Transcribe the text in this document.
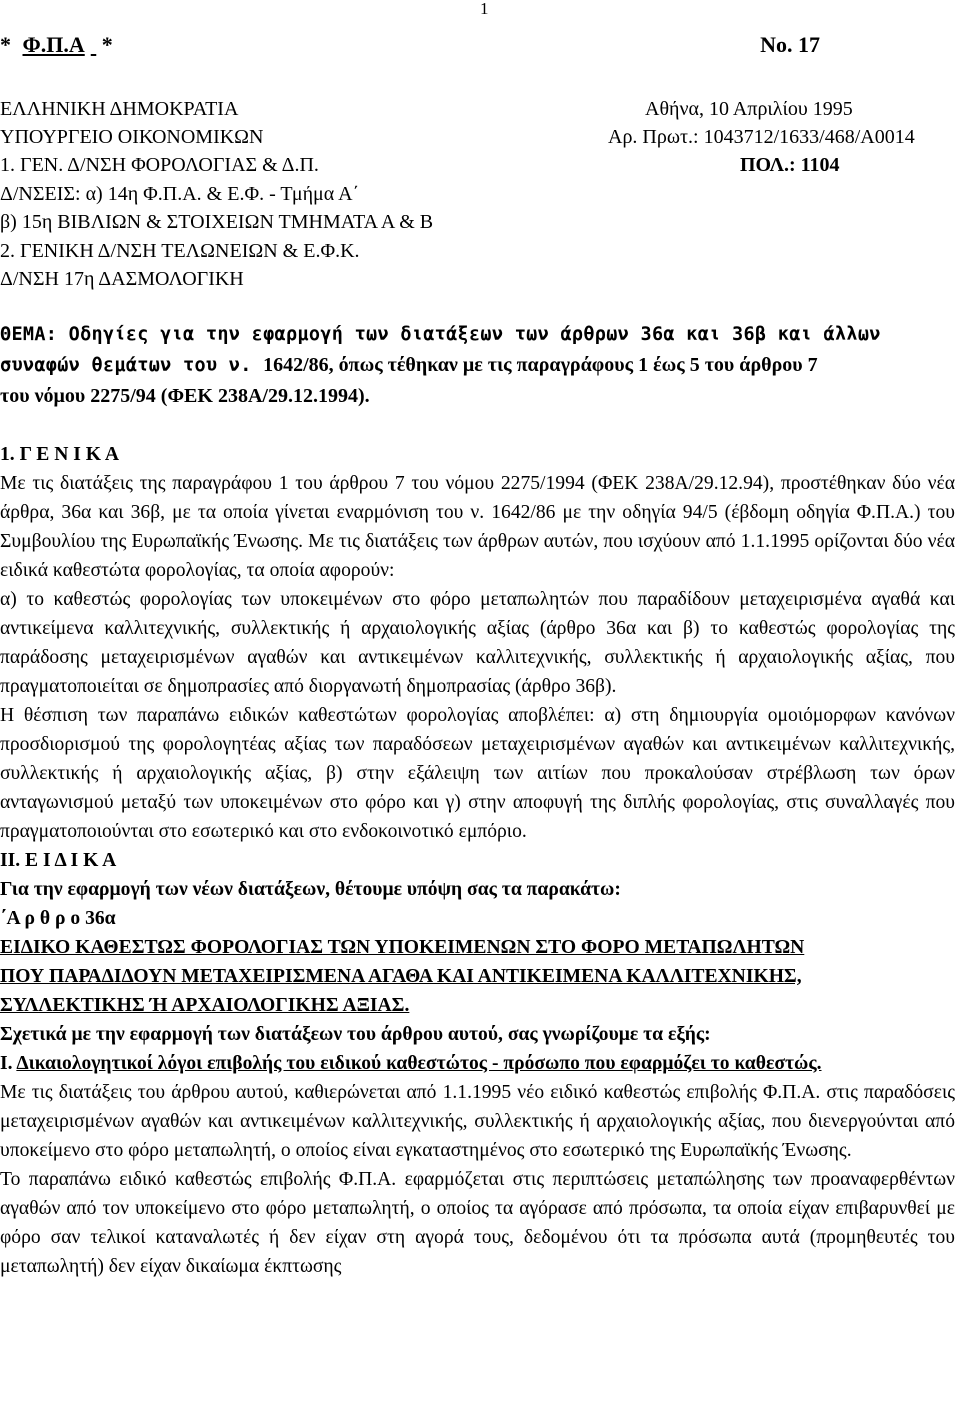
1
* Φ.Π.Α *	No. 17
ΕΛΛΗΝΙΚΗ ΔΗΜΟΚΡΑΤΙΑ
ΥΠΟΥΡΓΕΙΟ ΟΙΚΟΝΟΜΙΚΩΝ
1. ΓΕΝ. Δ/ΝΣΗ ΦΟΡΟΛΟΓΙΑΣ & Δ.Π.
Δ/ΝΣΕΙΣ: α) 14η Φ.Π.Α. & Ε.Φ. - Τμήμα Α΄
β) 15η ΒΙΒΛΙΩΝ & ΣΤΟΙΧΕΙΩΝ ΤΜΗΜΑΤΑ Α & Β
2. ΓΕΝΙΚΗ Δ/ΝΣΗ ΤΕΛΩΝΕΙΩΝ & Ε.Φ.Κ.
Δ/ΝΣΗ 17η ΔΑΣΜΟΛΟΓΙΚΗ
Αθήνα, 10 Απριλίου 1995
Αρ. Πρωτ.: 1043712/1633/468/Α0014
ΠΟΛ.: 1104
ΘΕΜΑ: Οδηγίες για την εφαρμογή των διατάξεων των άρθρων 36α και 36β και άλλων
συναφών θεμάτων του ν. 1642/86, όπως τέθηκαν με τις παραγράφους 1 έως 5 του άρθρου 7
του νόμου 2275/94 (ΦΕΚ 238Α/29.12.1994).

1. Γ Ε Ν Ι Κ Α

Με τις διατάξεις της παραγράφου 1 του άρθρου 7 του νόμου 2275/1994 (ΦΕΚ 238Α/29.12.94), προστέθηκαν δύο νέα άρθρα, 36α και 36β, με τα οποία γίνεται εναρμόνιση του ν. 1642/86 με την οδηγία 94/5 (έβδομη οδηγία Φ.Π.Α.) του Συμβουλίου της Ευρωπαϊκής Ένωσης. Με τις διατάξεις των άρθρων αυτών, που ισχύουν από 1.1.1995 ορίζονται δύο νέα ειδικά καθεστώτα φορολογίας, τα οποία αφορούν:

α) το καθεστώς φορολογίας των υποκειμένων στο φόρο μεταπωλητών που παραδίδουν μεταχειρισμένα αγαθά και αντικείμενα καλλιτεχνικής, συλλεκτικής ή αρχαιολογικής αξίας (άρθρο 36α και β) το καθεστώς φορολογίας της παράδοσης μεταχειρισμένων αγαθών και αντικειμένων καλλιτεχνικής, συλλεκτικής ή αρχαιολογικής αξίας, που πραγματοποιείται σε δημοπρασίες από διοργανωτή δημοπρασίας (άρθρο 36β).

Η θέσπιση των παραπάνω ειδικών καθεστώτων φορολογίας αποβλέπει: α) στη δημιουργία ομοιόμορφων κανόνων προσδιορισμού της φορολογητέας αξίας των παραδόσεων μεταχειρισμένων αγαθών και αντικειμένων καλλιτεχνικής, συλλεκτικής ή αρχαιολογικής αξίας, β) στην εξάλειψη των αιτίων που προκαλούσαν στρέβλωση των όρων ανταγωνισμού μεταξύ των υποκειμένων στο φόρο και γ) στην αποφυγή της διπλής φορολογίας, στις συναλλαγές που πραγματοποιούνται στο εσωτερικό και στο ενδοκοινοτικό εμπόριο.

ΙΙ. Ε Ι Δ Ι Κ Α

Για την εφαρμογή των νέων διατάξεων, θέτουμε υπόψη σας τα παρακάτω:

΄Α ρ θ ρ ο 36α

ΕΙΔΙΚΟ ΚΑΘΕΣΤΩΣ ΦΟΡΟΛΟΓΙΑΣ ΤΩΝ ΥΠΟΚΕΙΜΕΝΩΝ ΣΤΟ ΦΟΡΟ ΜΕΤΑΠΩΛΗΤΩΝ ΠΟΥ ΠΑΡΑΔΙΔΟΥΝ ΜΕΤΑΧΕΙΡΙΣΜΕΝΑ ΑΓΑΘΑ ΚΑΙ ΑΝΤΙΚΕΙΜΕΝΑ ΚΑΛΛΙΤΕΧΝΙΚΗΣ, ΣΥΛΛΕΚΤΙΚΗΣ Ή ΑΡΧΑΙΟΛΟΓΙΚΗΣ ΑΞΙΑΣ.

Σχετικά με την εφαρμογή των διατάξεων του άρθρου αυτού, σας γνωρίζουμε τα εξής:

Ι. Δικαιολογητικοί λόγοι επιβολής του ειδικού καθεστώτος - πρόσωπο που εφαρμόζει το καθεστώς.

Με τις διατάξεις του άρθρου αυτού, καθιερώνεται από 1.1.1995 νέο ειδικό καθεστώς επιβολής Φ.Π.Α. στις παραδόσεις μεταχειρισμένων αγαθών και αντικειμένων καλλιτεχνικής, συλλεκτικής ή αρχαιολογικής αξίας, που διενεργούνται από υποκείμενο στο φόρο μεταπωλητή, ο οποίος είναι εγκαταστημένος στο εσωτερικό της Ευρωπαϊκής Ένωσης.

Το παραπάνω ειδικό καθεστώς επιβολής Φ.Π.Α. εφαρμόζεται στις περιπτώσεις μεταπώλησης των προαναφερθέντων αγαθών από τον υποκείμενο στο φόρο μεταπωλητή, ο οποίος τα αγόρασε από πρόσωπα, τα οποία είχαν επιβαρυνθεί με φόρο σαν τελικοί καταναλωτές ή δεν είχαν στη αγορά τους, δεδομένου ότι τα πρόσωπα αυτά (προμηθευτές του μεταπωλητή) δεν είχαν δικαίωμα έκπτωσης
